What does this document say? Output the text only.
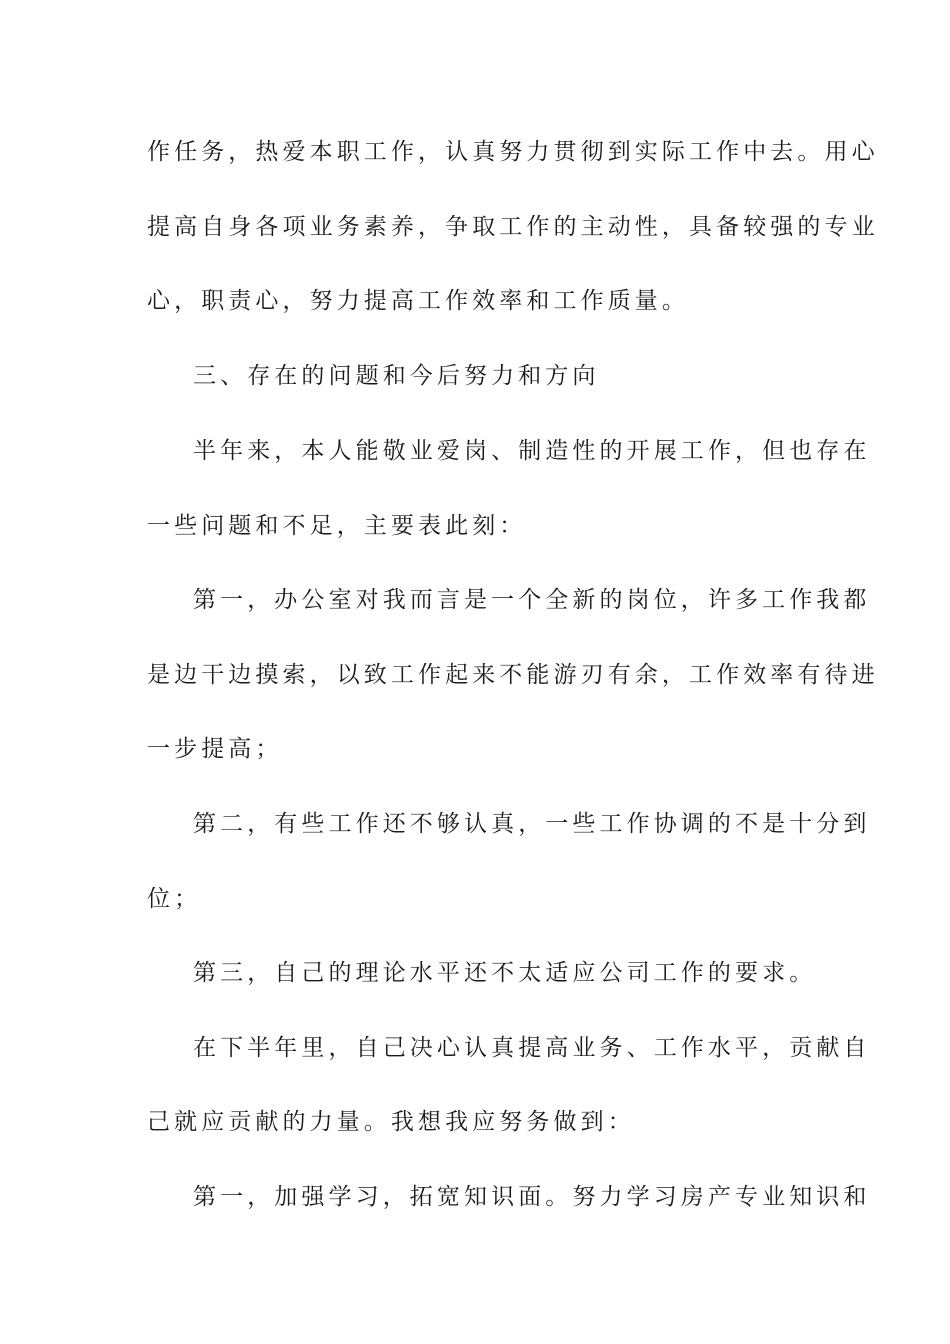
作任务，热爱本职工作，认真努力贯彻到实际工作中去。用心
提高自身各项业务素养，争取工作的主动性，具备较强的专业
心，职责心，努力提高工作效率和工作质量。
三、存在的问题和今后努力和方向
半年来，本人能敬业爱岗、制造性的开展工作，但也存在
一些问题和不足，主要表此刻：
第一，办公室对我而言是一个全新的岗位，许多工作我都
是边干边摸索，以致工作起来不能游刃有余，工作效率有待进
一步提高；
第二，有些工作还不够认真，一些工作协调的不是十分到
位；
第三，自己的理论水平还不太适应公司工作的要求。
在下半年里，自己决心认真提高业务、工作水平，贡献自
己就应贡献的力量。我想我应努务做到：
第一，加强学习，拓宽知识面。努力学习房产专业知识和
